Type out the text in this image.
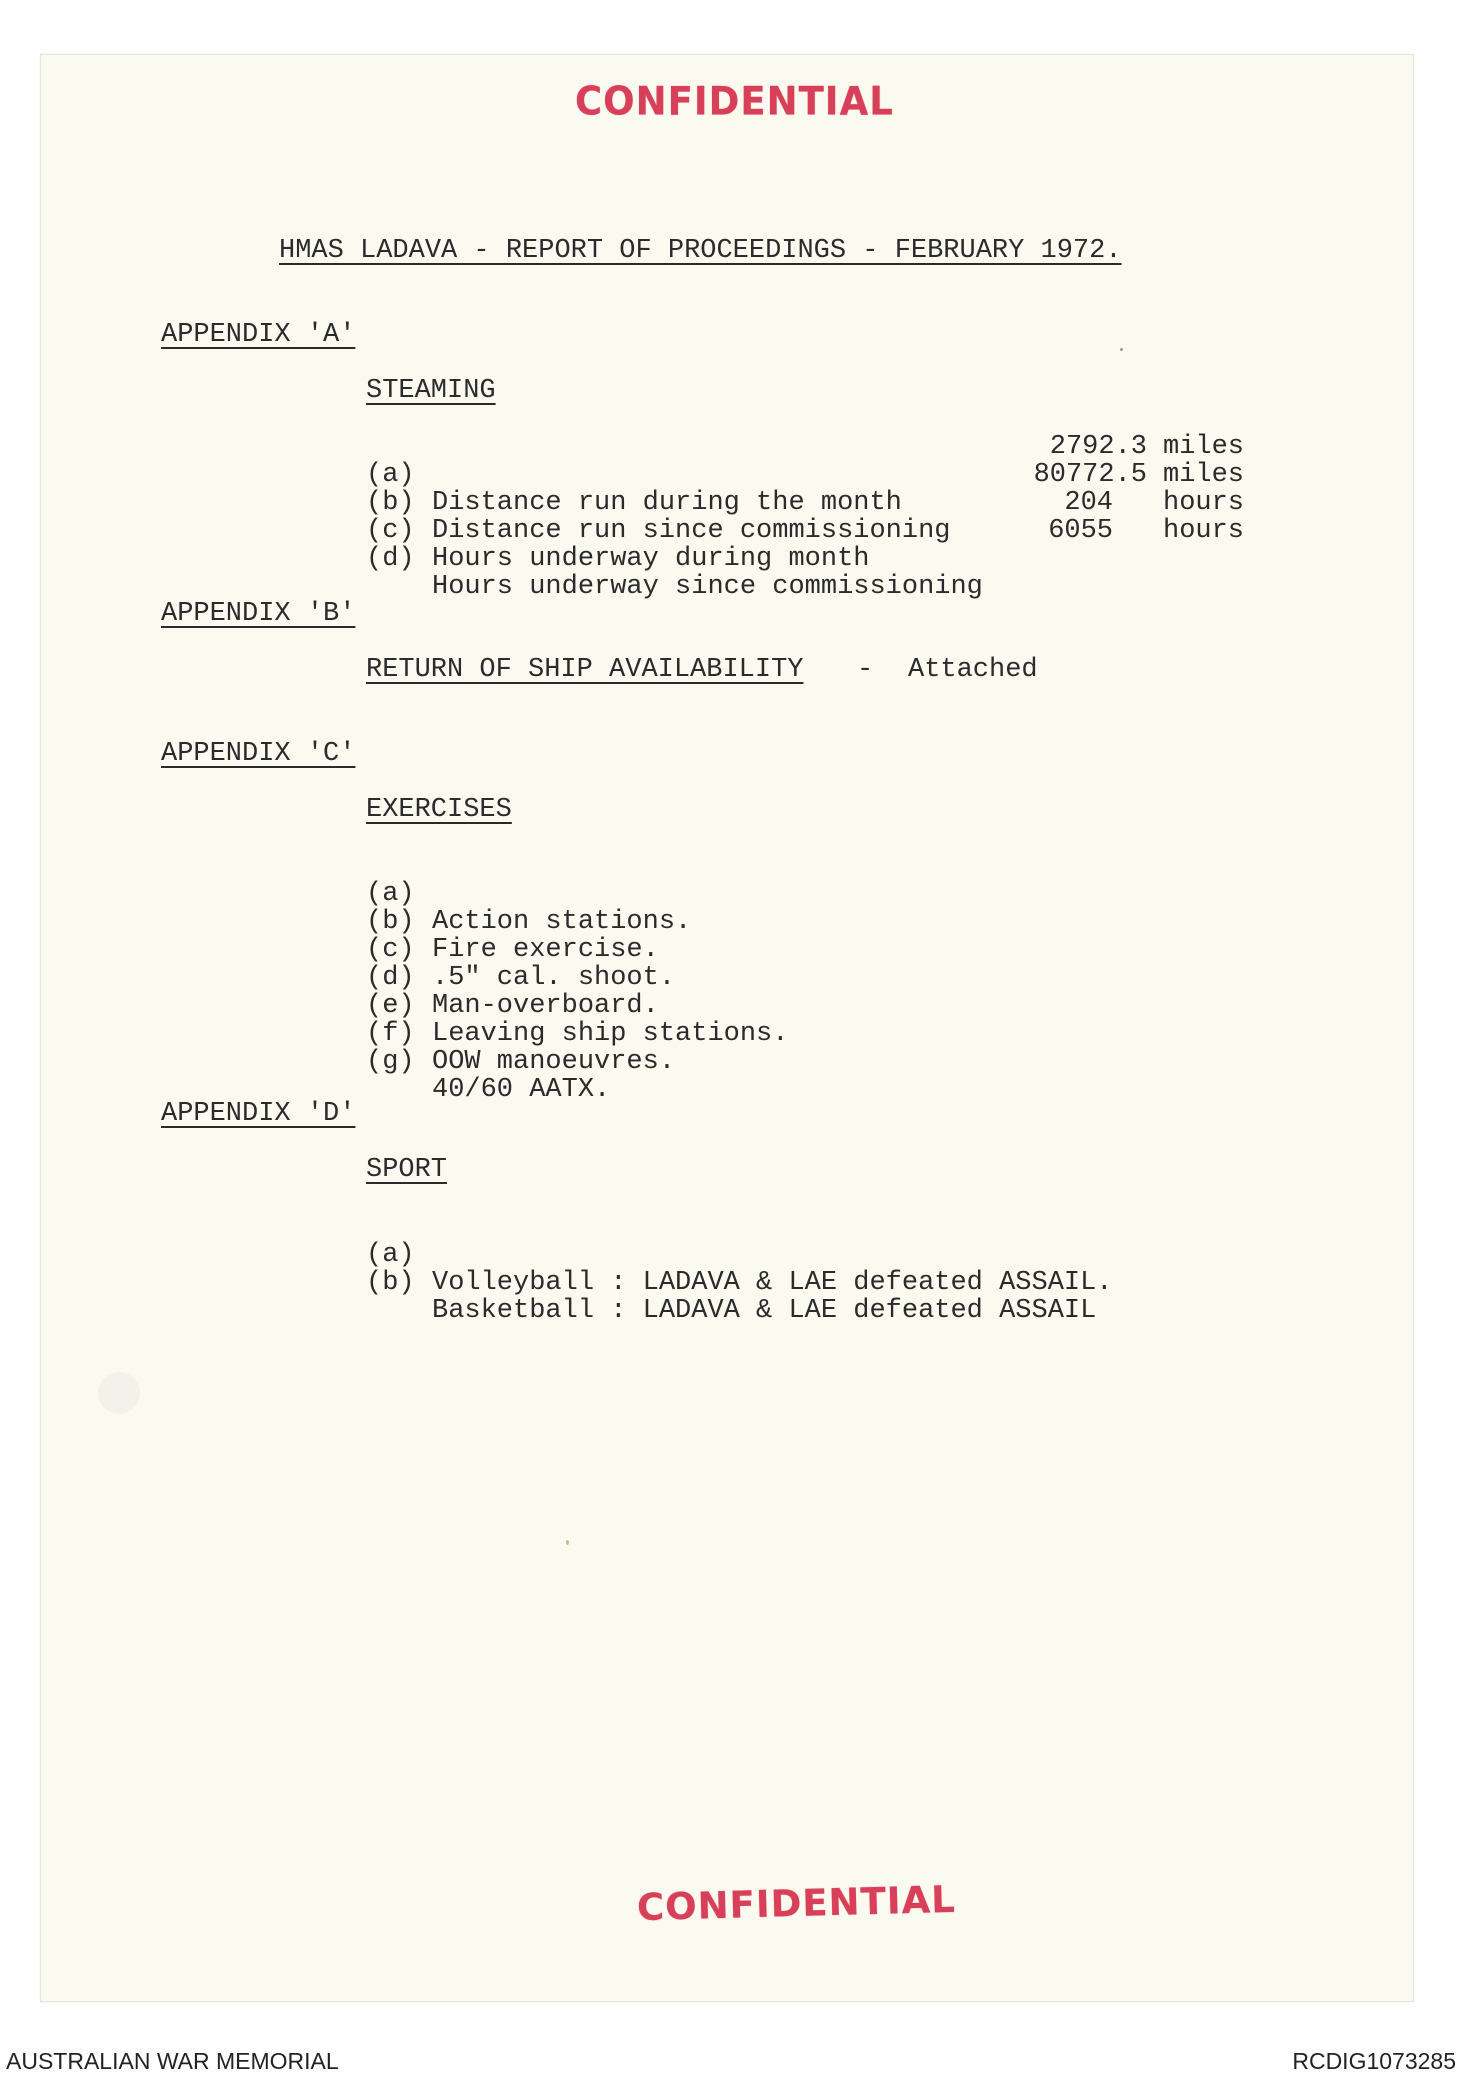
CONFIDENTIAL
HMAS LADAVA - REPORT OF PROCEEDINGS - FEBRUARY 1972.
APPENDIX 'A'
STEAMING

(a)

Distance run during the month

2792.3 miles

(b)

Distance run since commissioning

80772.5 miles

(c)

Hours underway during month

204 hours

(d)

Hours underway since commissioning

6055 hours
APPENDIX 'B'
RETURN OF SHIP AVAILABILITY - Attached
APPENDIX 'C'
EXERCISES

(a)

Action stations.

(b)

Fire exercise.

(c)

.5" cal. shoot.

(d)

Man-overboard.

(e)

Leaving ship stations.

(f)

OOW manoeuvres.

(g)

40/60 AATX.

APPENDIX 'D'
SPORT

(a)

Volleyball : LADAVA & LAE defeated ASSAIL.

(b)

Basketball : LADAVA & LAE defeated ASSAIL

CONFIDENTIAL
AUSTRALIAN WAR MEMORIAL	RCDIG1073285
